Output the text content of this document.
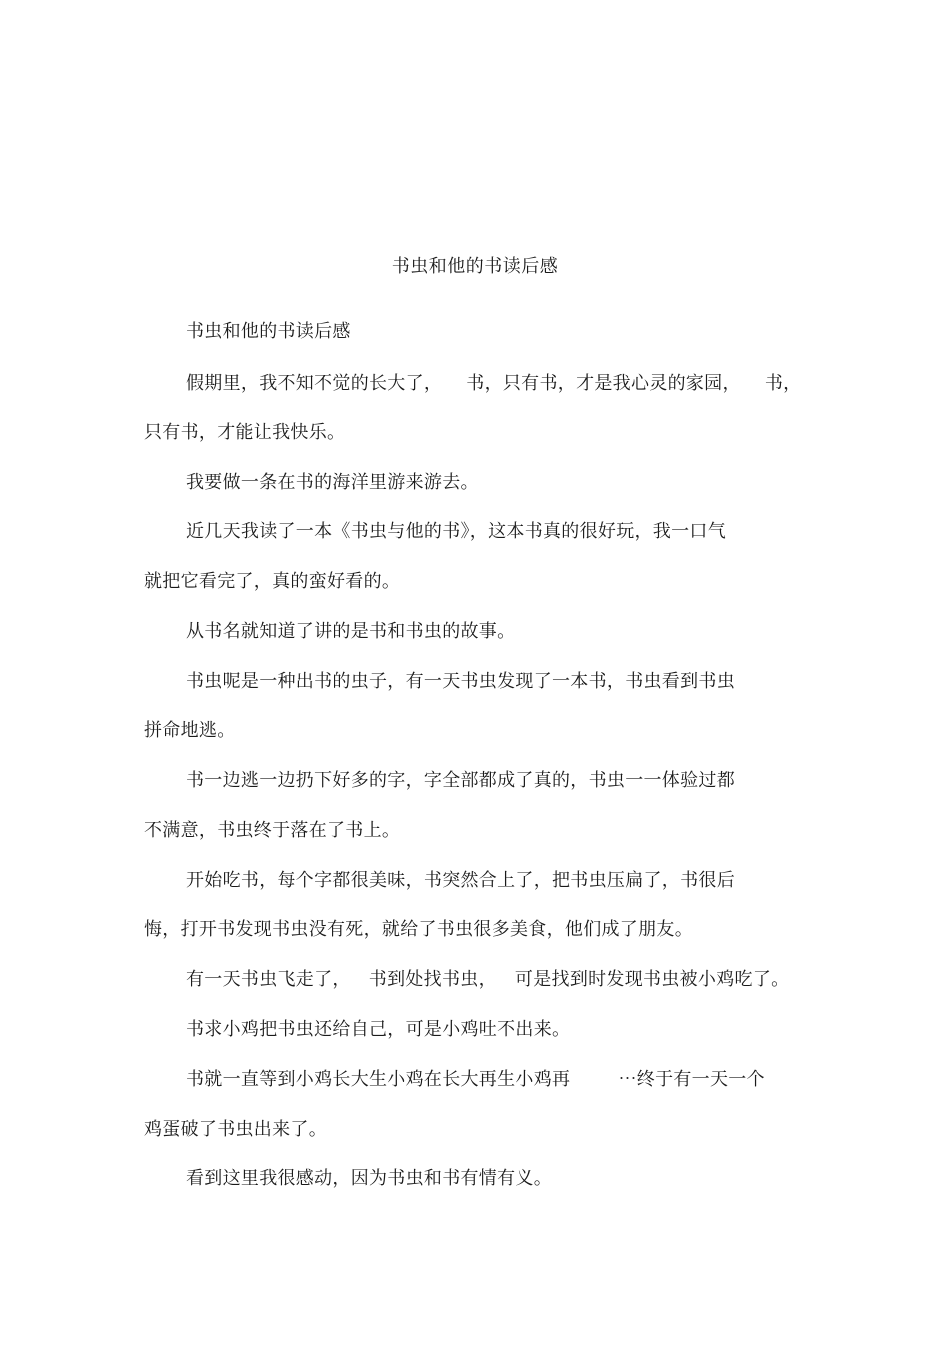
书虫和他的书读后感
书虫和他的书读后感
假期里，我不知不觉的长大了，    书，只有书，才是我心灵的家园，    书，
只有书，才能让我快乐。
我要做一条在书的海洋里游来游去。
近几天我读了一本《书虫与他的书》，这本书真的很好玩，我一口气
就把它看完了，真的蛮好看的。
从书名就知道了讲的是书和书虫的故事。
书虫呢是一种出书的虫子，有一天书虫发现了一本书，书虫看到书虫
拼命地逃。
书一边逃一边扔下好多的字，字全部都成了真的，书虫一一体验过都
不满意，书虫终于落在了书上。
开始吃书，每个字都很美味，书突然合上了，把书虫压扁了，书很后
悔，打开书发现书虫没有死，就给了书虫很多美食，他们成了朋友。
有一天书虫飞走了，   书到处找书虫，   可是找到时发现书虫被小鸡吃了。
书求小鸡把书虫还给自己，可是小鸡吐不出来。
书就一直等到小鸡长大生小鸡在长大再生小鸡再        ⋯终于有一天一个
鸡蛋破了书虫出来了。
看到这里我很感动，因为书虫和书有情有义。
